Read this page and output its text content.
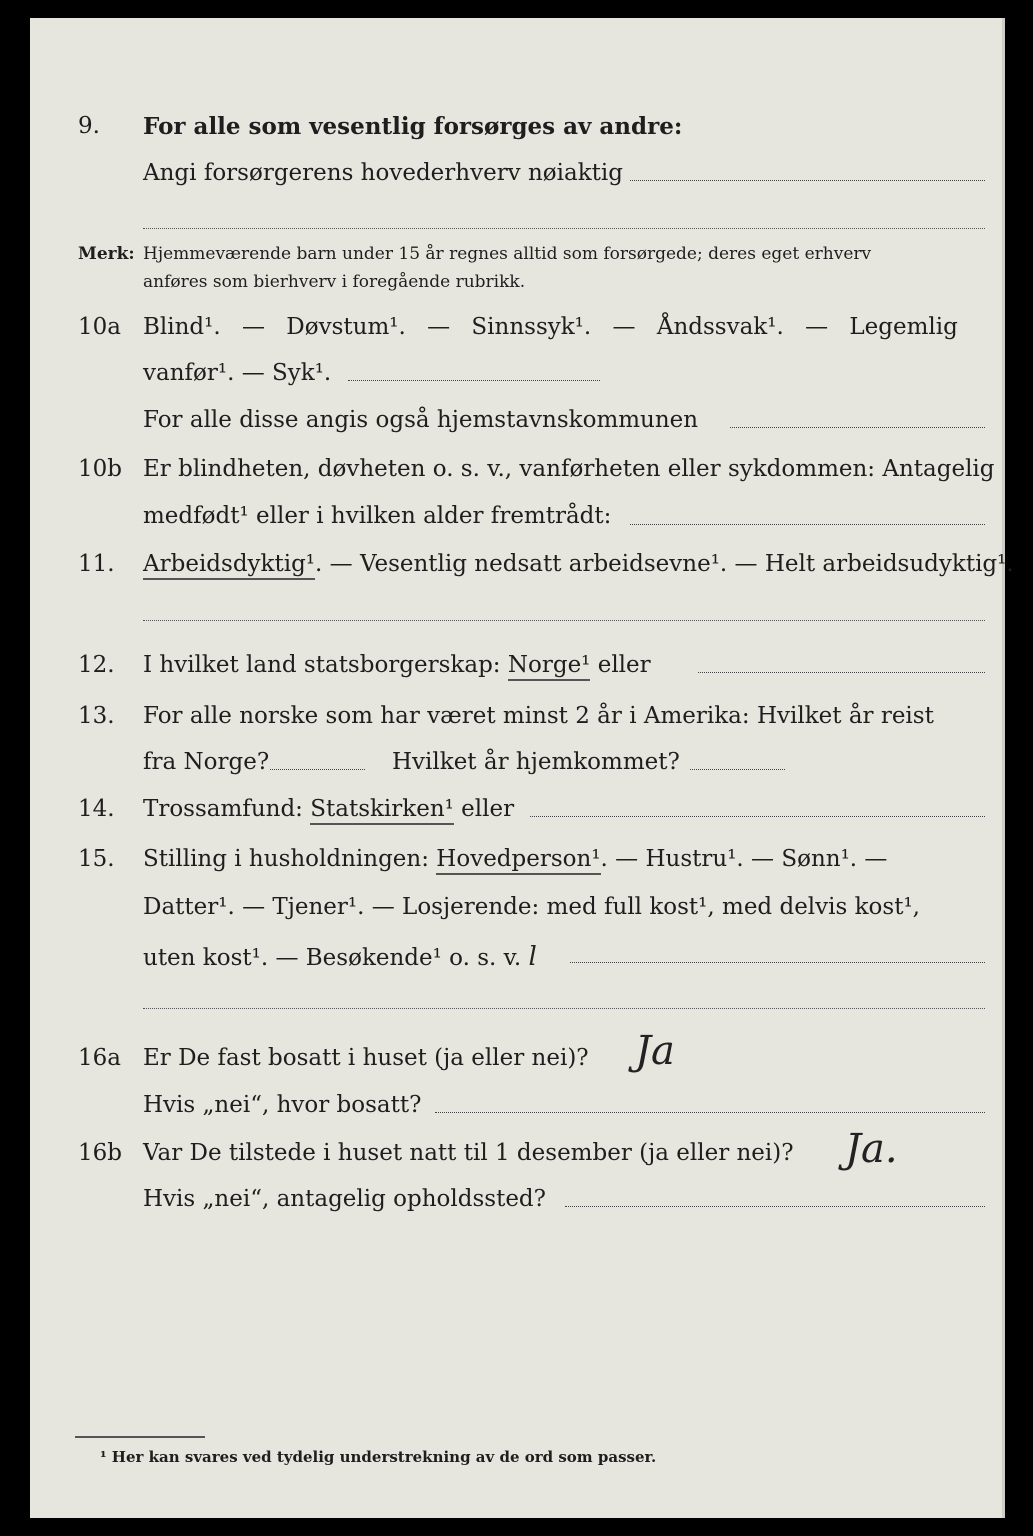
9. For alle som vesentlig forsørges av andre:
Angi forsørgerens hovederhverv nøiaktig
Merk: Hjemmeværende barn under 15 år regnes alltid som forsørgede; deres eget erhverv
anføres som bierhverv i foregående rubrikk.
10a Blind¹. — Døvstum¹. — Sinnssyk¹. — Åndssvak¹. — Legemlig
vanfør¹. — Syk¹.
For alle disse angis også hjemstavnskommunen
10b Er blindheten, døvheten o. s. v., vanførheten eller sykdommen: Antagelig
medfødt¹ eller i hvilken alder fremtrådt:
11. Arbeidsdyktig¹. — Vesentlig nedsatt arbeidsevne¹. — Helt arbeidsudyktig¹.
12. I hvilket land statsborgerskap: Norge¹ eller
13. For alle norske som har været minst 2 år i Amerika: Hvilket år reist
fra Norge?	Hvilket år hjemkommet?
14. Trossamfund: Statskirken¹ eller
15. Stilling i husholdningen: Hovedperson¹. — Hustru¹. — Sønn¹. —
Datter¹. — Tjener¹. — Losjerende: med full kost¹, med delvis kost¹,
uten kost¹. — Besøkende¹ o. s. v. l
16a Er De fast bosatt i huset (ja eller nei)? Ja
Hvis „nei“, hvor bosatt?
16b Var De tilstede i huset natt til 1 desember (ja eller nei)? Ja.
Hvis „nei“, antagelig opholdssted?
¹ Her kan svares ved tydelig understrekning av de ord som passer.
